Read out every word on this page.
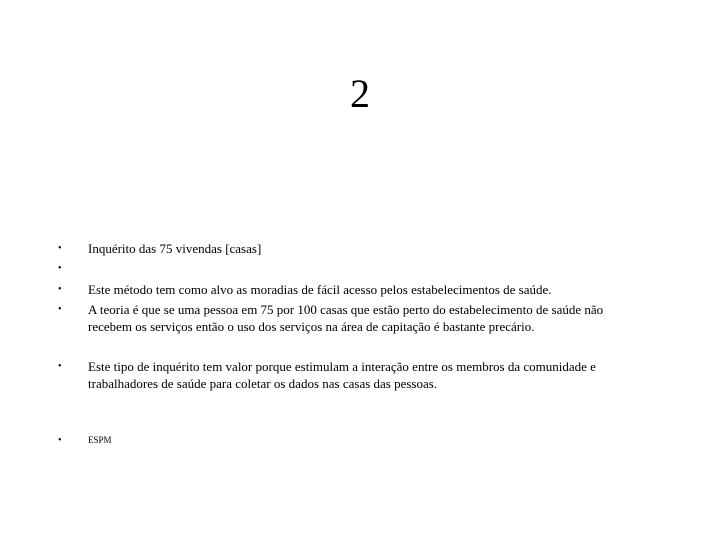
2
• Inquérito das 75 vivendas [casas]
•
• Este método tem como alvo as moradias de fácil acesso pelos estabelecimentos de saúde.
• A teoria é que se uma pessoa em 75 por 100 casas que estão perto do estabelecimento de saúde não
recebem os serviços então o uso dos serviços na área de capitação é bastante precário.
• Este tipo de inquérito tem valor porque estimulam a interação entre os membros da comunidade e
trabalhadores de saúde para coletar os dados nas casas das pessoas.
•	ESPM
